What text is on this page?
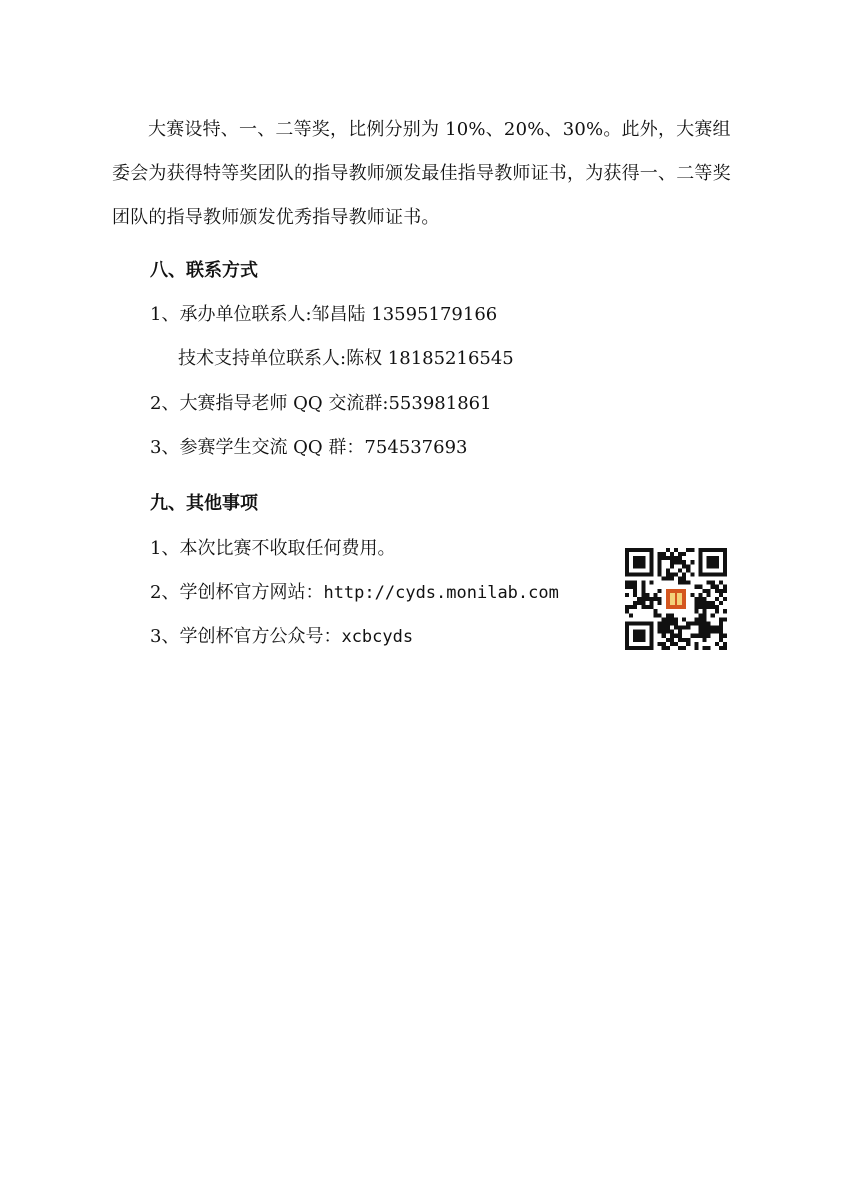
大赛设特、一、二等奖，比例分别为 10%、20%、30%。此外，大赛组委会为获得特等奖团队的指导教师颁发最佳指导教师证书，为获得一、二等奖团队的指导教师颁发优秀指导教师证书。

八、联系方式
1、承办单位联系人:邹昌陆 13595179166
技术支持单位联系人:陈权 18185216545
2、大赛指导老师 QQ 交流群:553981861
3、参赛学生交流 QQ 群：754537693
九、其他事项
1、本次比赛不收取任何费用。
2、学创杯官方网站：http://cyds.monilab.com
3、学创杯官方公众号：xcbcyds
